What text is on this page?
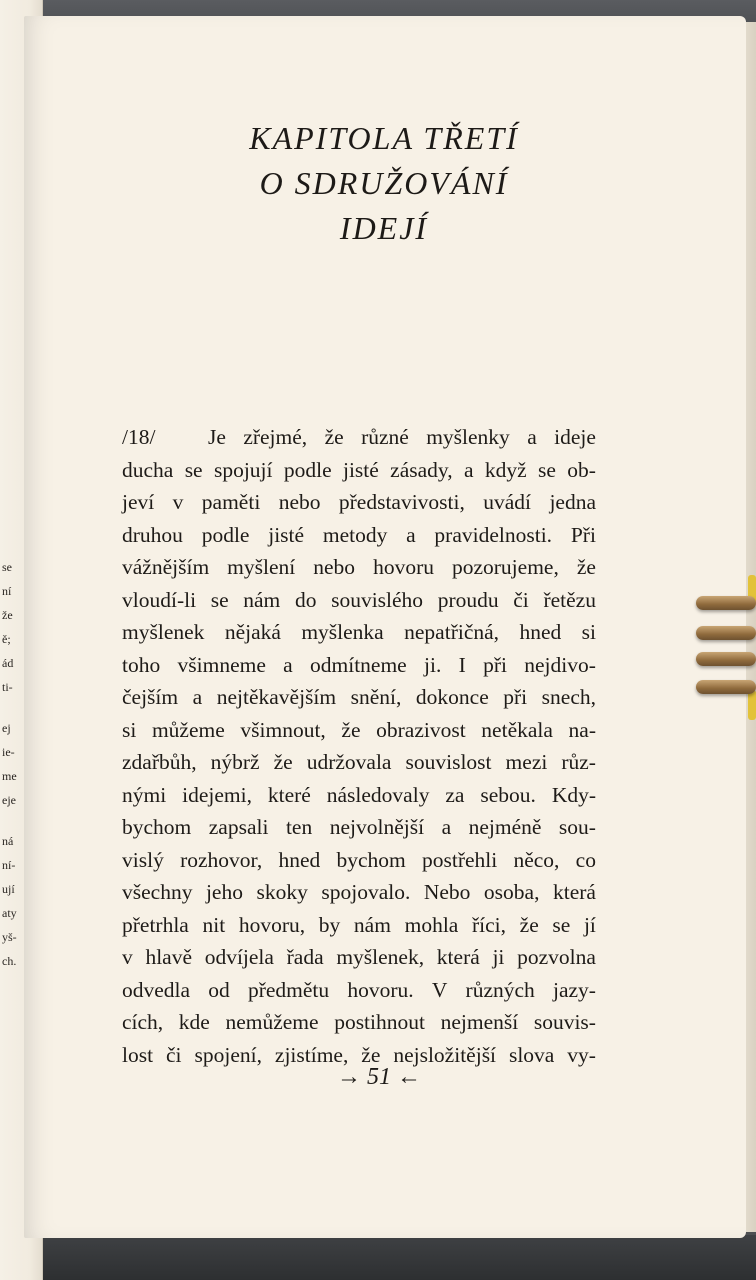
se
ní
že
ě;
ád
ti-
ej
ie-
me
eje
ná
ní-
ují
aty
yš-
ch.
KAPITOLA TŘETÍ
O SDRUŽOVÁNÍ
IDEJÍ
/18/	Je zřejmé, že různé myšlenky a ideje
ducha se spojují podle jisté zásady, a když se ob-
jeví v paměti nebo představivosti, uvádí jedna
druhou podle jisté metody a pravidelnosti. Při
vážnějším myšlení nebo hovoru pozorujeme, že
vloudí-li se nám do souvislého proudu či řetězu
myšlenek nějaká myšlenka nepatřičná, hned si
toho všimneme a odmítneme ji. I při nejdivo-
čejším a nejtěkavějším snění, dokonce při snech,
si můžeme všimnout, že obrazivost netěkala na-
zdařbůh, nýbrž že udržovala souvislost mezi růz-
nými idejemi, které následovaly za sebou. Kdy-
bychom zapsali ten nejvolnější a nejméně sou-
vislý rozhovor, hned bychom postřehli něco, co
všechny jeho skoky spojovalo. Nebo osoba, která
přetrhla nit hovoru, by nám mohla říci, že se jí
v hlavě odvíjela řada myšlenek, která ji pozvolna
odvedla od předmětu hovoru. V různých jazy-
cích, kde nemůžeme postihnout nejmenší souvis-
lost či spojení, zjistíme, že nejsložitější slova vy-
→ 51 ←
